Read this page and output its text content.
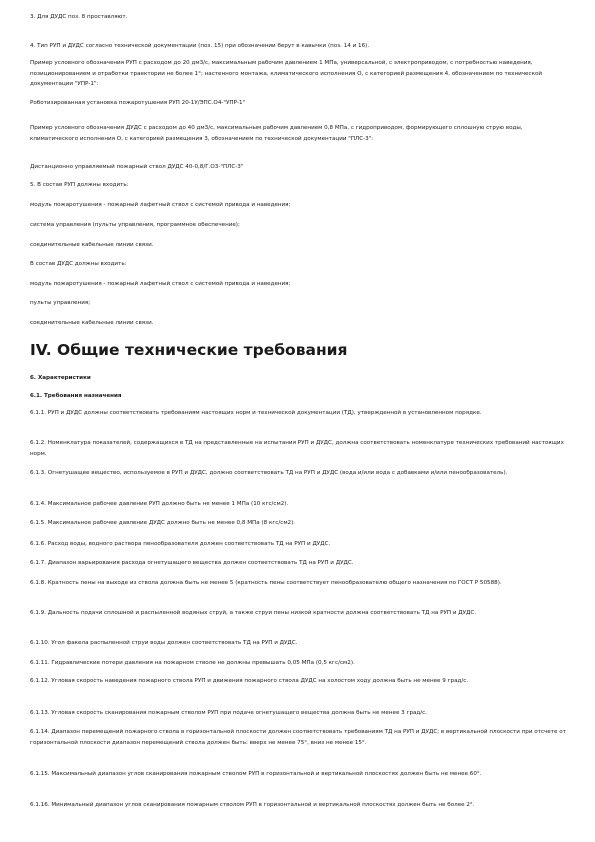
3. Для ДУДС поз. 8 проставляют.

4. Тип РУП и ДУДС согласно технической документации (поз. 15) при обозначении берут в кавычки (поз. 14 и 16).

Пример условного обозначения РУП с расходом до 20 дм3/с, максимальным рабочим давлением 1 МПа, универсальной, с электроприводом, с потребностью наведения, позиционированием и отработки траектории не более 1°; настенного монтажа, климатического исполнения О, с категорией размещения 4, обозначением по технической документации "УПР-1":

Роботизированная установка пожаротушения РУП 20-1У/ЭПС.О4-"УПР-1"

Пример условного обозначения ДУДС с расходом до 40 дм3/с, максимальным рабочим давлением 0,8 МПа, с гидроприводом, формирующего сплошную струю воды, климатического исполнения О, с категорией размещения 3, обозначением по технической документации "ПЛС-3":

Дистанционно управляемый пожарный ствол ДУДС 40-0,8/Г.О3-"ПЛС-3"

5. В состав РУП должны входить:

модуль пожаротушения - пожарный лафетный ствол с системой привода и наведения;

система управления (пульты управления, программное обеспечение);

соединительные кабельные линии связи.

В состав ДУДС должны входить:

модуль пожаротушения - пожарный лафетный ствол с системой привода и наведения;

пульты управления;

соединительные кабельные линии связи.

IV. Общие технические требования

6. Характеристики

6.1. Требования назначения

6.1.1. РУП и ДУДС должны соответствовать требованиям настоящих норм и технической документации (ТД), утвержденной в установленном порядке.

6.1.2. Номенклатура показателей, содержащихся в ТД на представленные на испытания РУП и ДУДС, должна соответствовать номенклатуре технических требований настоящих норм.

6.1.3. Огнетушащее вещество, используемое в РУП и ДУДС, должно соответствовать ТД на РУП и ДУДС (вода и/или вода с добавками и/или пенообразователь).

6.1.4. Максимальное рабочее давление РУП должно быть не менее 1 МПа (10 кгс/см2).

6.1.5. Максимальное рабочее давление ДУДС должно быть не менее 0,8 МПа (8 кгс/см2).

6.1.6. Расход воды, водного раствора пенообразователя должен соответствовать ТД на РУП и ДУДС.

6.1.7. Диапазон варьирования расхода огнетушащего вещества должен соответствовать ТД на РУП и ДУДС.

6.1.8. Кратность пены на выходе из ствола должна быть не менее 5 (кратность пены соответствует пенообразователю общего назначения по ГОСТ Р 50588).

6.1.9. Дальность подачи сплошной и распыленной водяных струй, а также струи пены низкой кратности должна соответствовать ТД на РУП и ДУДС.

6.1.10. Угол факела распыленной струи воды должен соответствовать ТД на РУП и ДУДС.

6.1.11. Гидравлические потери давления на пожарном стволе не должны превышать 0,05 МПа (0,5 кгс/см2).

6.1.12. Угловая скорость наведения пожарного ствола РУП и движения пожарного ствола ДУДС на холостом ходу должна быть не менее 9 град/с.

6.1.13. Угловая скорость сканирования пожарным стволом РУП при подаче огнетушащего вещества должна быть не менее 3 град/с.

6.1.14. Диапазон перемещений пожарного ствола в горизонтальной плоскости должен соответствовать требованиям ТД на РУП и ДУДС; в вертикальной плоскости при отсчете от горизонтальной плоскости диапазон перемещений ствола должен быть: вверх не менее 75°, вниз не менее 15°.

6.1.15. Максимальный диапазон углов сканирования пожарным стволом РУП в горизонтальной и вертикальной плоскостях должен быть не менее 60°.

6.1.16. Минимальный диапазон углов сканирования пожарным стволом РУП в горизонтальной и вертикальной плоскостях должен быть не более 2°.
